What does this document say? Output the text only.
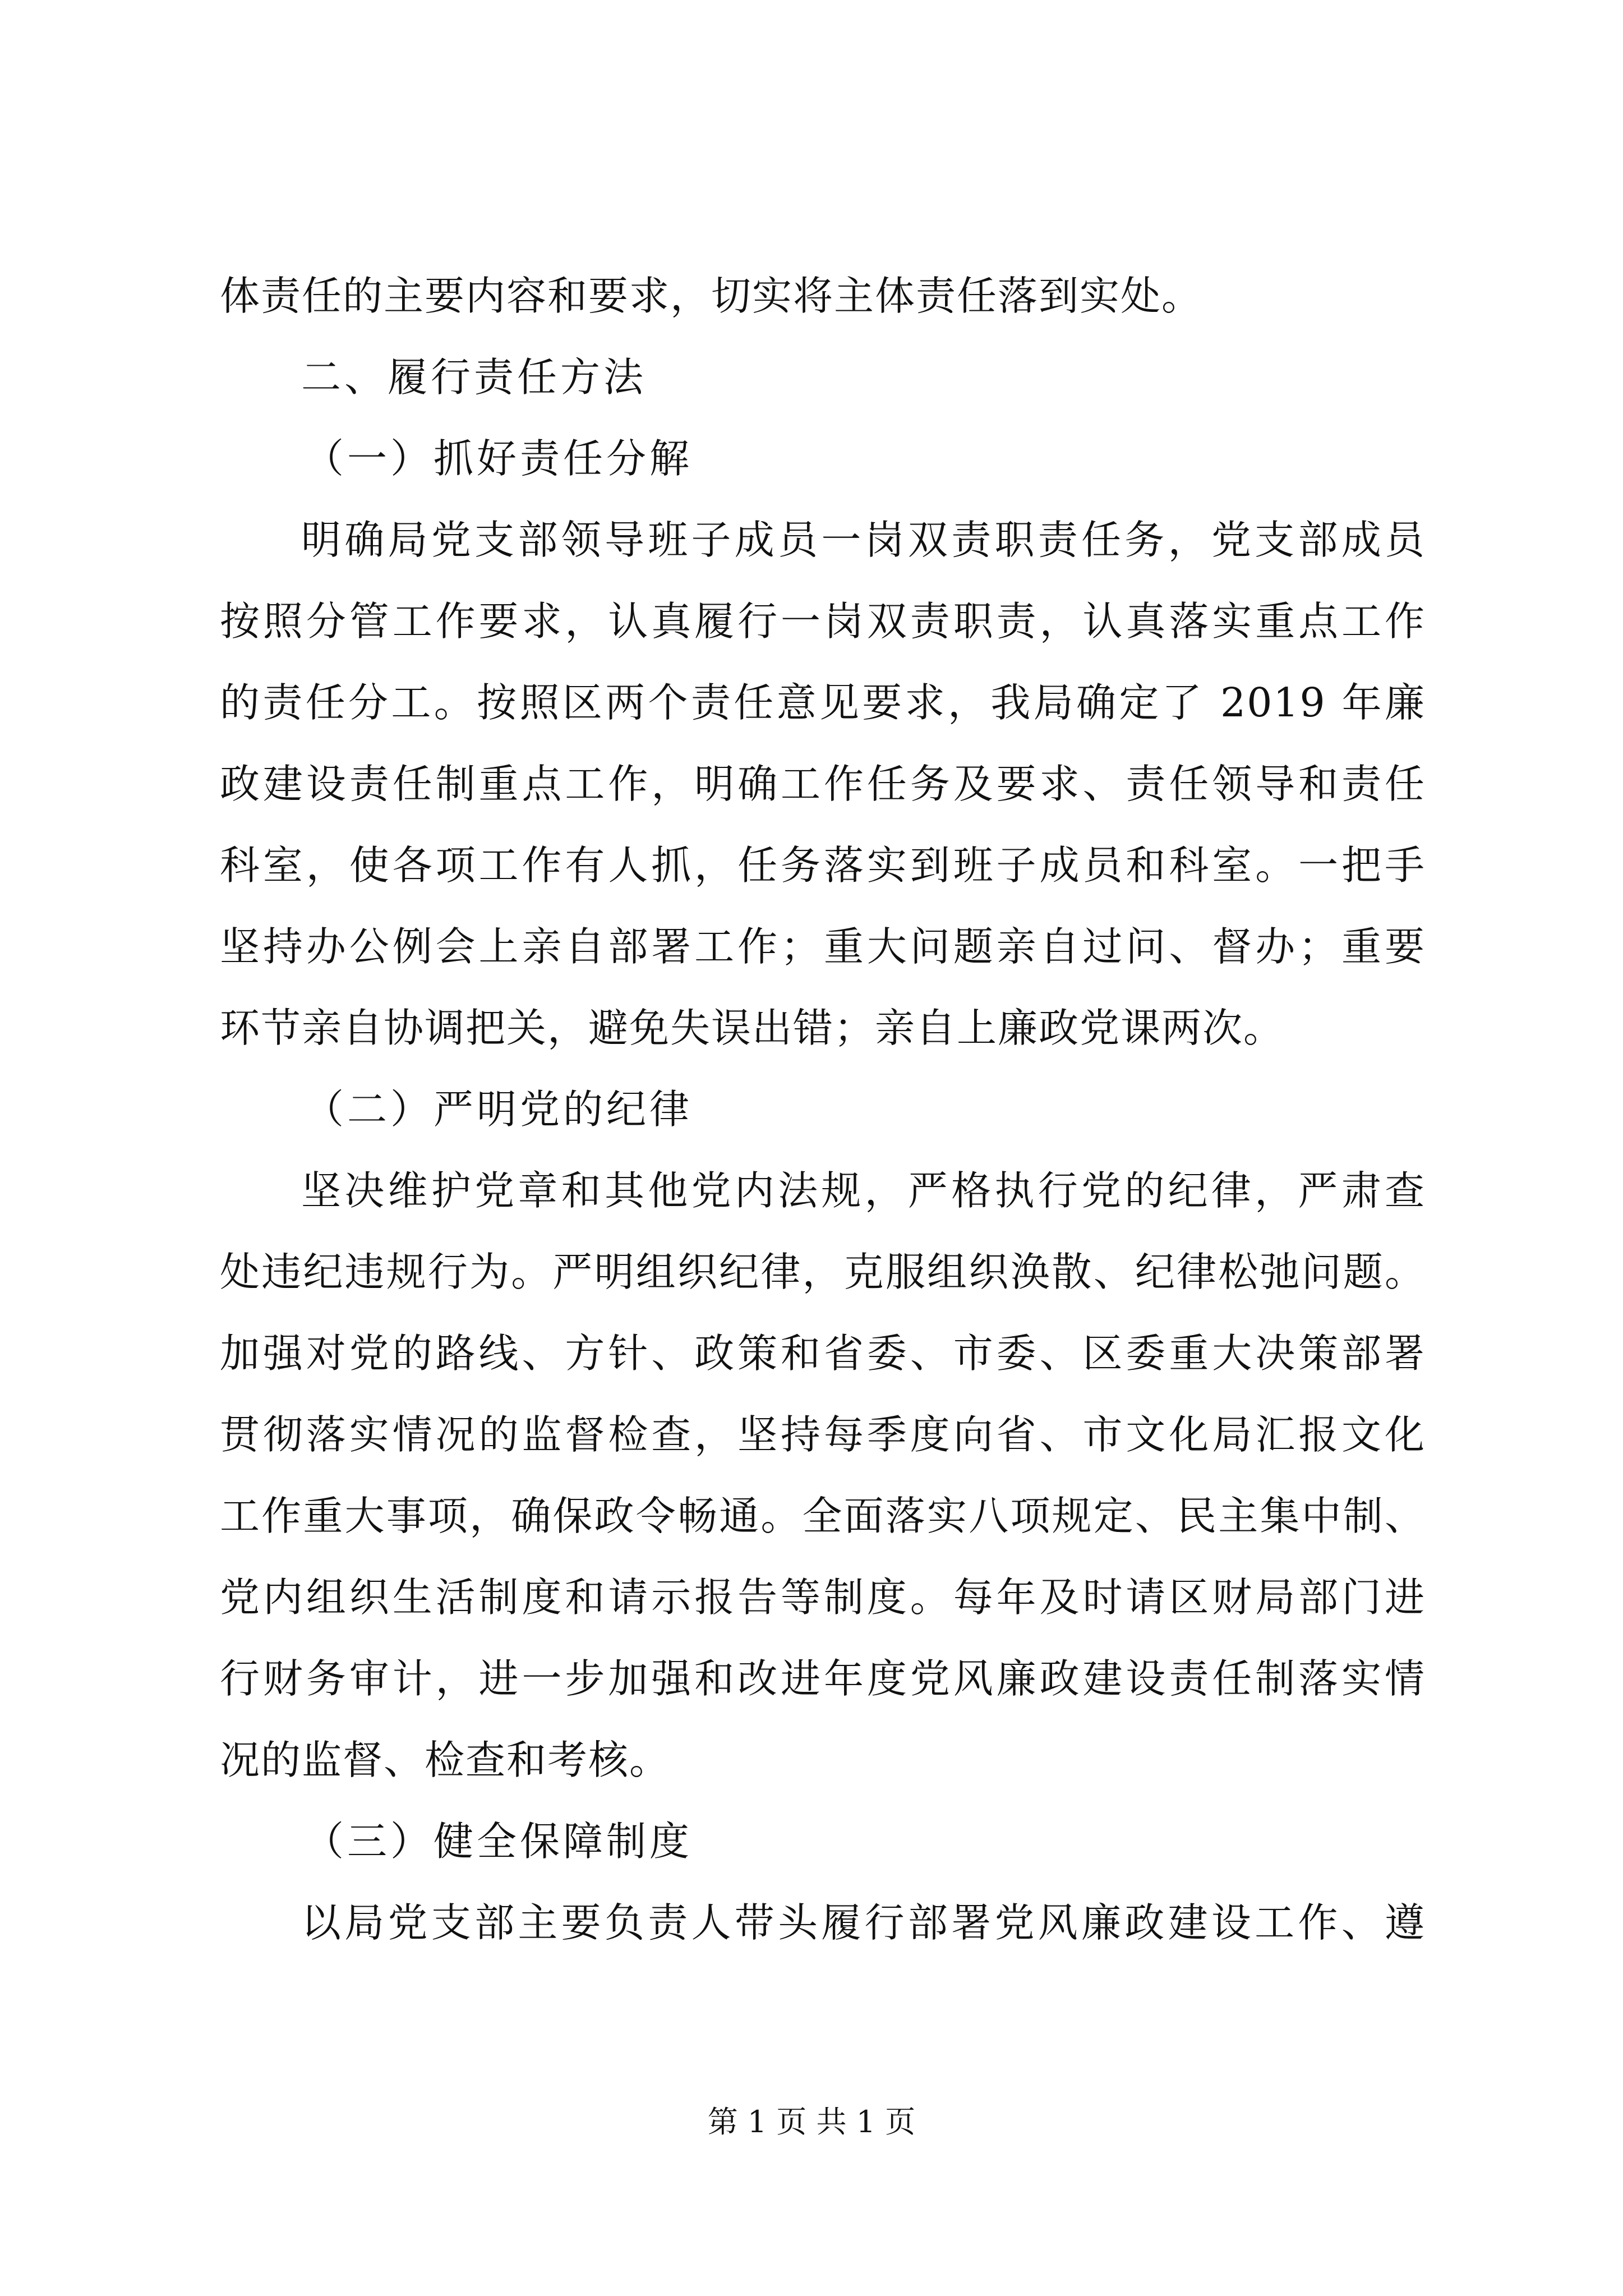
体责任的主要内容和要求，切实将主体责任落到实处。
二、履行责任方法
（一）抓好责任分解
明确局党支部领导班子成员一岗双责职责任务，党支部成员
按照分管工作要求，认真履行一岗双责职责，认真落实重点工作
的责任分工。按照区两个责任意见要求，我局确定了 2019 年廉
政建设责任制重点工作，明确工作任务及要求、责任领导和责任
科室，使各项工作有人抓，任务落实到班子成员和科室。一把手
坚持办公例会上亲自部署工作；重大问题亲自过问、督办；重要
环节亲自协调把关，避免失误出错；亲自上廉政党课两次。
（二）严明党的纪律
坚决维护党章和其他党内法规，严格执行党的纪律，严肃查
处违纪违规行为。严明组织纪律，克服组织涣散、纪律松弛问题。
加强对党的路线、方针、政策和省委、市委、区委重大决策部署
贯彻落实情况的监督检查，坚持每季度向省、市文化局汇报文化
工作重大事项，确保政令畅通。全面落实八项规定、民主集中制、
党内组织生活制度和请示报告等制度。每年及时请区财局部门进
行财务审计，进一步加强和改进年度党风廉政建设责任制落实情
况的监督、检查和考核。
（三）健全保障制度
以局党支部主要负责人带头履行部署党风廉政建设工作、遵
第 1 页 共 1 页
